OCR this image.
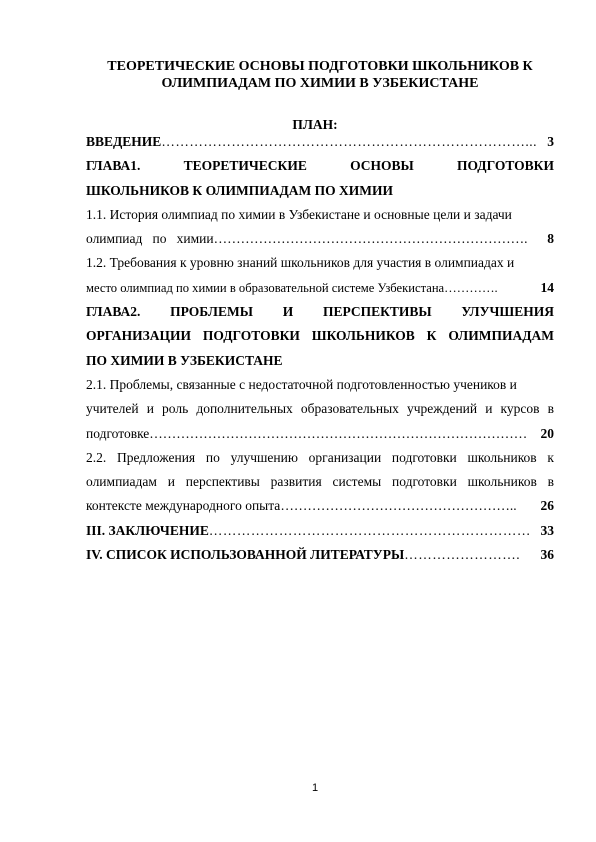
ТЕОРЕТИЧЕСКИЕ ОСНОВЫ ПОДГОТОВКИ ШКОЛЬНИКОВ К
ОЛИМПИАДАМ ПО ХИМИИ В УЗБЕКИСТАНЕ
ПЛАН:
ВВЕДЕНИЕ ……………………………………………………………………... 3
ГЛАВА1.	ТЕОРЕТИЧЕСКИЕ	ОСНОВЫ	ПОДГОТОВКИ
ШКОЛЬНИКОВ К ОЛИМПИАДАМ ПО ХИМИИ
1.1. История олимпиад по химии в Узбекистане и основные цели и задачи
олимпиад   по   химии …………………………………………………………….	8
1.2. Требования к уровню знаний школьников для участия в олимпиадах и
место олимпиад по химии в образовательной системе Узбекистана ………….	14
ГЛАВА2. ПРОБЛЕМЫ И ПЕРСПЕКТИВЫ УЛУЧШЕНИЯ
ОРГАНИЗАЦИИ ПОДГОТОВКИ ШКОЛЬНИКОВ К ОЛИМПИАДАМ
ПО ХИМИИ В УЗБЕКИСТАНЕ
2.1. Проблемы, связанные с недостаточной подготовленностью учеников и
учителей и роль дополнительных образовательных учреждений и курсов в
подготовке ………………………………………………………………………… 20
2.2. Предложения по улучшению организации подготовки школьников к
олимпиадам и перспективы развития системы подготовки школьников в
контексте международного опыта ……………………………………………..	26
III. ЗАКЛЮЧЕНИЕ …………………………………………………………… 33
IV. СПИСОК ИСПОЛЬЗОВАННОЙ ЛИТЕРАТУРЫ …………………….	36
1
